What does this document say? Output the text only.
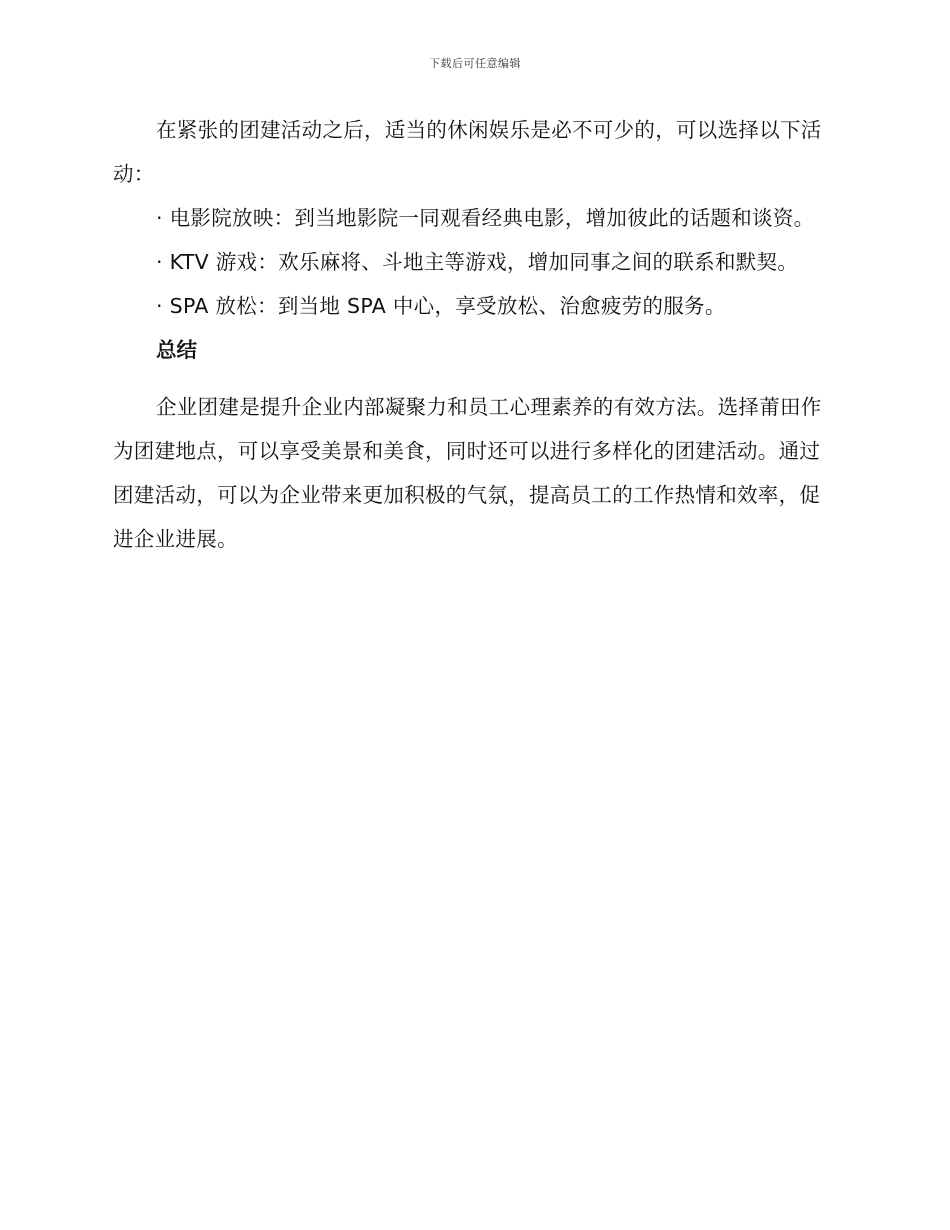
下载后可任意编辑

在紧张的团建活动之后，适当的休闲娱乐是必不可少的，可以选择以下活动：

· 电影院放映：到当地影院一同观看经典电影，增加彼此的话题和谈资。

· KTV 游戏：欢乐麻将、斗地主等游戏，增加同事之间的联系和默契。

· SPA 放松：到当地 SPA 中心，享受放松、治愈疲劳的服务。

总结

企业团建是提升企业内部凝聚力和员工心理素养的有效方法。选择莆田作为团建地点，可以享受美景和美食，同时还可以进行多样化的团建活动。通过团建活动，可以为企业带来更加积极的气氛，提高员工的工作热情和效率，促进企业进展。
